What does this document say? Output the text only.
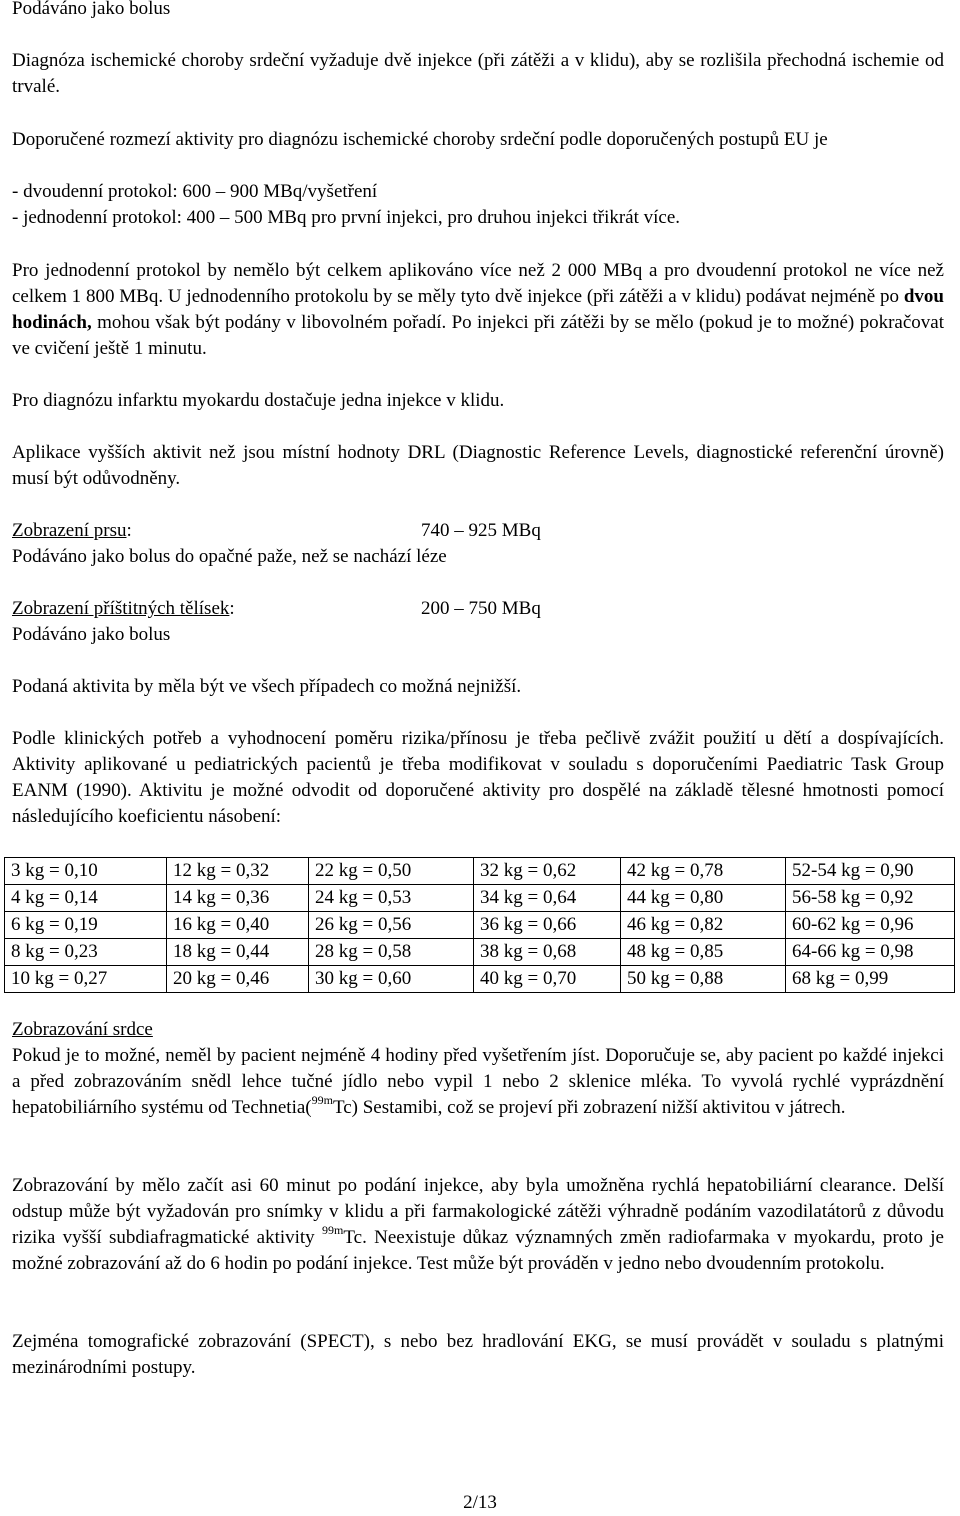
Podáváno jako bolus

Diagnóza ischemické choroby srdeční vyžaduje dvě injekce (při zátěži a v klidu), aby se rozlišila přechodná ischemie od trvalé.

Doporučené rozmezí aktivity pro diagnózu ischemické choroby srdeční podle doporučených postupů EU je

- dvoudenní protokol: 600 – 900 MBq/vyšetření

- jednodenní protokol: 400 – 500 MBq pro první injekci, pro druhou injekci třikrát více.

Pro jednodenní protokol by nemělo být celkem aplikováno více než 2 000 MBq a pro dvoudenní protokol ne více než celkem 1 800 MBq. U jednodenního protokolu by se měly tyto dvě injekce (při zátěži a v klidu) podávat nejméně po dvou hodinách, mohou však být podány v libovolném pořadí. Po injekci při zátěži by se mělo (pokud je to možné) pokračovat ve cvičení ještě 1 minutu.

Pro diagnózu infarktu myokardu dostačuje jedna injekce v klidu.

Aplikace vyšších aktivit než jsou místní hodnoty DRL (Diagnostic Reference Levels, diagnostické referenční úrovně) musí být odůvodněny.

Zobrazení prsu:	740 – 925 MBq
Podáváno jako bolus do opačné paže, než se nachází léze
Zobrazení příštitných tělísek:	200 – 750 MBq
Podáváno jako bolus

Podaná aktivita by měla být ve všech případech co možná nejnižší.

Podle klinických potřeb a vyhodnocení poměru rizika/přínosu je třeba pečlivě zvážit použití u dětí a dospívajících. Aktivity aplikované u pediatrických pacientů je třeba modifikovat v souladu s doporučeními Paediatric Task Group EANM (1990). Aktivitu je možné odvodit od doporučené aktivity pro dospělé na základě tělesné hmotnosti pomocí následujícího koeficientu násobení:

3 kg = 0,10	12 kg = 0,32	22 kg = 0,50	32 kg = 0,62	42 kg = 0,78	52-54 kg = 0,90
4 kg = 0,14	14 kg = 0,36	24 kg = 0,53	34 kg = 0,64	44 kg = 0,80	56-58 kg = 0,92
6 kg = 0,19	16 kg = 0,40	26 kg = 0,56	36 kg = 0,66	46 kg = 0,82	60-62 kg = 0,96
8 kg = 0,23	18 kg = 0,44	28 kg = 0,58	38 kg = 0,68	48 kg = 0,85	64-66 kg = 0,98
10 kg = 0,27	20 kg = 0,46	30 kg = 0,60	40 kg = 0,70	50 kg = 0,88	68 kg = 0,99

Zobrazování srdce

Pokud je to možné, neměl by pacient nejméně 4 hodiny před vyšetřením jíst. Doporučuje se, aby pacient po každé injekci a před zobrazováním snědl lehce tučné jídlo nebo vypil 1 nebo 2 sklenice mléka. To vyvolá rychlé vyprázdnění hepatobiliárního systému od Technetia($^{99m}$Tc) Sestamibi, což se projeví při zobrazení nižší aktivitou v játrech.

Zobrazování by mělo začít asi 60 minut po podání injekce, aby byla umožněna rychlá hepatobiliární clearance. Delší odstup může být vyžadován pro snímky v klidu a při farmakologické zátěži výhradně podáním vazodilatátorů z důvodu rizika vyšší subdiafragmatické aktivity $^{99m}$Tc. Neexistuje důkaz významných změn radiofarmaka v myokardu, proto je možné zobrazování až do 6 hodin po podání injekce. Test může být prováděn v jedno nebo dvoudenním protokolu.

Zejména tomografické zobrazování (SPECT), s nebo bez hradlování EKG, se musí provádět v souladu s platnými mezinárodními postupy.

2/13
